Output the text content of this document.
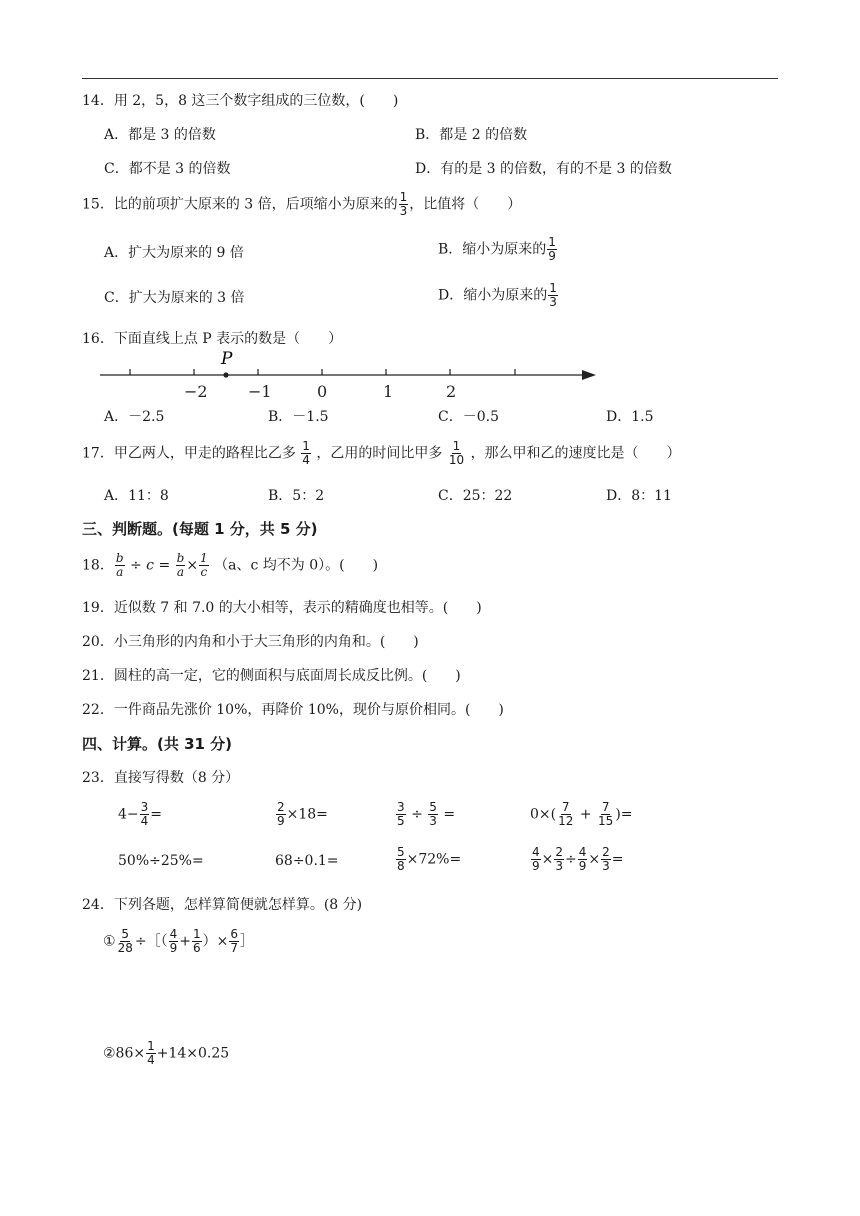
14．用 2，5，8 这三个数字组成的三位数，(　　)
A．都是 3 的倍数	B．都是 2 的倍数
C．都不是 3 的倍数	D．有的是 3 的倍数，有的不是 3 的倍数
15．比的前项扩大原来的 3 倍，后项缩小为原来的 $\frac{1}{3}$ ，比值将（　　）
A．扩大为原来的 9 倍	B．缩小为原来的 $\frac{1}{9}$
C．扩大为原来的 3 倍	D．缩小为原来的 $\frac{1}{3}$
16．下面直线上点 P 表示的数是（　　）
P
−2	−1	0	1	2
A．－2.5	B．－1.5	C．－0.5	D．1.5
17．甲乙两人，甲走的路程比乙多 $\frac{1}{4}$ ，乙用的时间比甲多 $\frac{1}{10}$ ，那么甲和乙的速度比是（　　）
A．11：8	B．5：2	C．25：22	D．8：11
三、判断题。(每题 1 分，共 5 分)
18． $\frac{b}{a} \div c = \frac{b}{a} \times \frac{1}{c} (a$、c 均不为 0）。(　　)
19．近似数 7 和 7.0 的大小相等，表示的精确度也相等。(　　)
20．小三角形的内角和小于大三角形的内角和。(　　)
21．圆柱的高一定，它的侧面积与底面周长成反比例。(　　)
22．一件商品先涨价 10%，再降价 10%，现价与原价相同。(　　)
四、计算。(共 31 分)
23．直接写得数（8 分）
$4- \frac{3}{4}$ =	$\frac{2}{9} \times 18=$	$\frac{3}{5} \div \frac{5}{3}$ =	$0\times( \frac{7}{12} + \frac{7}{15}$ )=
50%÷25%=	68÷0.1=	$\frac{5}{8} \times 72\%=$	$\frac{4}{9} \times \frac{2}{3} \div \frac{4}{9} \times \frac{2}{3}$ =
24．下列各题，怎样算简便就怎样算。(8 分)
① $\frac{5}{28}$ ÷［（ $\frac{4}{9} + \frac{1}{6}$ ）× $\frac{6}{7}$ ］
②86× $\frac{1}{4} +14\times 0.25$
